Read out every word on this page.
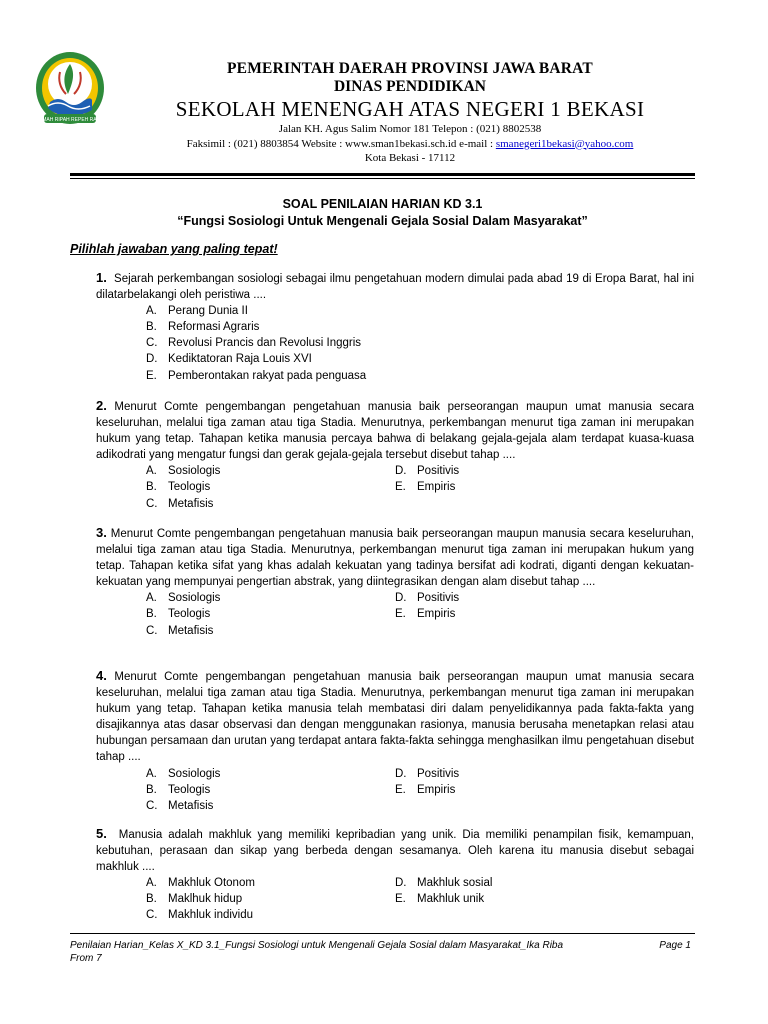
GEMAH RIPAH REPEH RAPIH
PEMERINTAH DAERAH PROVINSI JAWA BARAT
DINAS PENDIDIKAN
SEKOLAH MENENGAH ATAS NEGERI 1 BEKASI
Jalan KH. Agus Salim Nomor 181 Telepon : (021) 8802538
Faksimil : (021) 8803854 Website : www.sman1bekasi.sch.id e-mail : smanegeri1bekasi@yahoo.com
Kota Bekasi - 17112
SOAL PENILAIAN HARIAN KD 3.1
“Fungsi Sosiologi Untuk Mengenali Gejala Sosial Dalam Masyarakat”
Pilihlah jawaban yang paling tepat!

1. Sejarah perkembangan sosiologi sebagai ilmu pengetahuan modern dimulai pada abad 19 di Eropa Barat, hal ini dilatarbelakangi oleh peristiwa ....

A. Perang Dunia II
B. Reformasi Agraris
C. Revolusi Prancis dan Revolusi Inggris
D. Kediktatoran Raja Louis XVI
E. Pemberontakan rakyat pada penguasa

2. Menurut Comte pengembangan pengetahuan manusia baik perseorangan maupun umat manusia secara keseluruhan, melalui tiga zaman atau tiga Stadia. Menurutnya, perkembangan menurut tiga zaman ini merupakan hukum yang tetap. Tahapan ketika manusia percaya bahwa di belakang gejala-gejala alam terdapat kuasa-kuasa adikodrati yang mengatur fungsi dan gerak gejala-gejala tersebut disebut tahap ....

A. Sosiologis	D. Positivis
B. Teologis	E. Empiris
C. Metafisis

3. Menurut Comte pengembangan pengetahuan manusia baik perseorangan maupun manusia secara keseluruhan, melalui tiga zaman atau tiga Stadia. Menurutnya, perkembangan menurut tiga zaman ini merupakan hukum yang tetap. Tahapan ketika sifat yang khas adalah kekuatan yang tadinya bersifat adi kodrati, diganti dengan kekuatan-kekuatan yang mempunyai pengertian abstrak, yang diintegrasikan dengan alam disebut tahap ....

A. Sosiologis	D. Positivis
B. Teologis	E. Empiris
C. Metafisis

4. Menurut Comte pengembangan pengetahuan manusia baik perseorangan maupun umat manusia secara keseluruhan, melalui tiga zaman atau tiga Stadia. Menurutnya, perkembangan menurut tiga zaman ini merupakan hukum yang tetap. Tahapan ketika manusia telah membatasi diri dalam penyelidikannya pada fakta-fakta yang disajikannya atas dasar observasi dan dengan menggunakan rasionya, manusia berusaha menetapkan relasi atau hubungan persamaan dan urutan yang terdapat antara fakta-fakta sehingga menghasilkan ilmu pengetahuan disebut tahap ....

A. Sosiologis	D. Positivis
B. Teologis	E. Empiris
C. Metafisis

5. Manusia adalah makhluk yang memiliki kepribadian yang unik. Dia memiliki penampilan fisik, kemampuan, kebutuhan, perasaan dan sikap yang berbeda dengan sesamanya. Oleh karena itu manusia disebut sebagai makhluk ....

A. Makhluk Otonom	D. Makhluk sosial
B. Maklhuk hidup	E. Makhluk unik
C. Makhluk individu
Penilaian Harian_Kelas X_KD 3.1_Fungsi Sosiologi untuk Mengenali Gejala Sosial dalam Masyarakat_Ika Riba
From 7
Page 1
